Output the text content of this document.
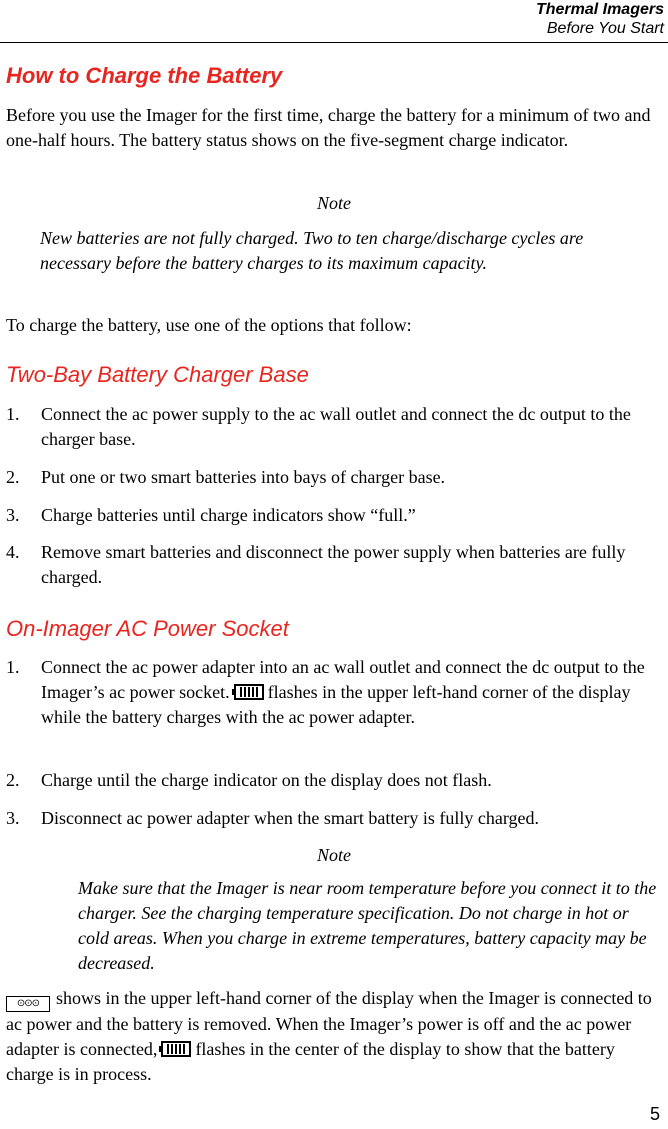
Thermal Imagers
Before You Start
How to Charge the Battery
Before you use the Imager for the first time, charge the battery for a minimum of two and one-half hours. The battery status shows on the five-segment charge indicator.
Note
New batteries are not fully charged. Two to ten charge/discharge cycles are necessary before the battery charges to its maximum capacity.
To charge the battery, use one of the options that follow:
Two-Bay Battery Charger Base
1. Connect the ac power supply to the ac wall outlet and connect the dc output to the charger base.
2. Put one or two smart batteries into bays of charger base.
3. Charge batteries until charge indicators show “full.”
4. Remove smart batteries and disconnect the power supply when batteries are fully charged.
On-Imager AC Power Socket
1. Connect the ac power adapter into an ac wall outlet and connect the dc output to the Imager’s ac power socket. flashes in the upper left-hand corner of the display while the battery charges with the ac power adapter.
2. Charge until the charge indicator on the display does not flash.
3. Disconnect ac power adapter when the smart battery is fully charged.
Note
Make sure that the Imager is near room temperature before you connect it to the charger. See the charging temperature specification. Do not charge in hot or cold areas. When you charge in extreme temperatures, battery capacity may be decreased.
⊙⊙⊙ shows in the upper left-hand corner of the display when the Imager is connected to ac power and the battery is removed. When the Imager’s power is off and the ac power adapter is connected, flashes in the center of the display to show that the battery charge is in process.
5
